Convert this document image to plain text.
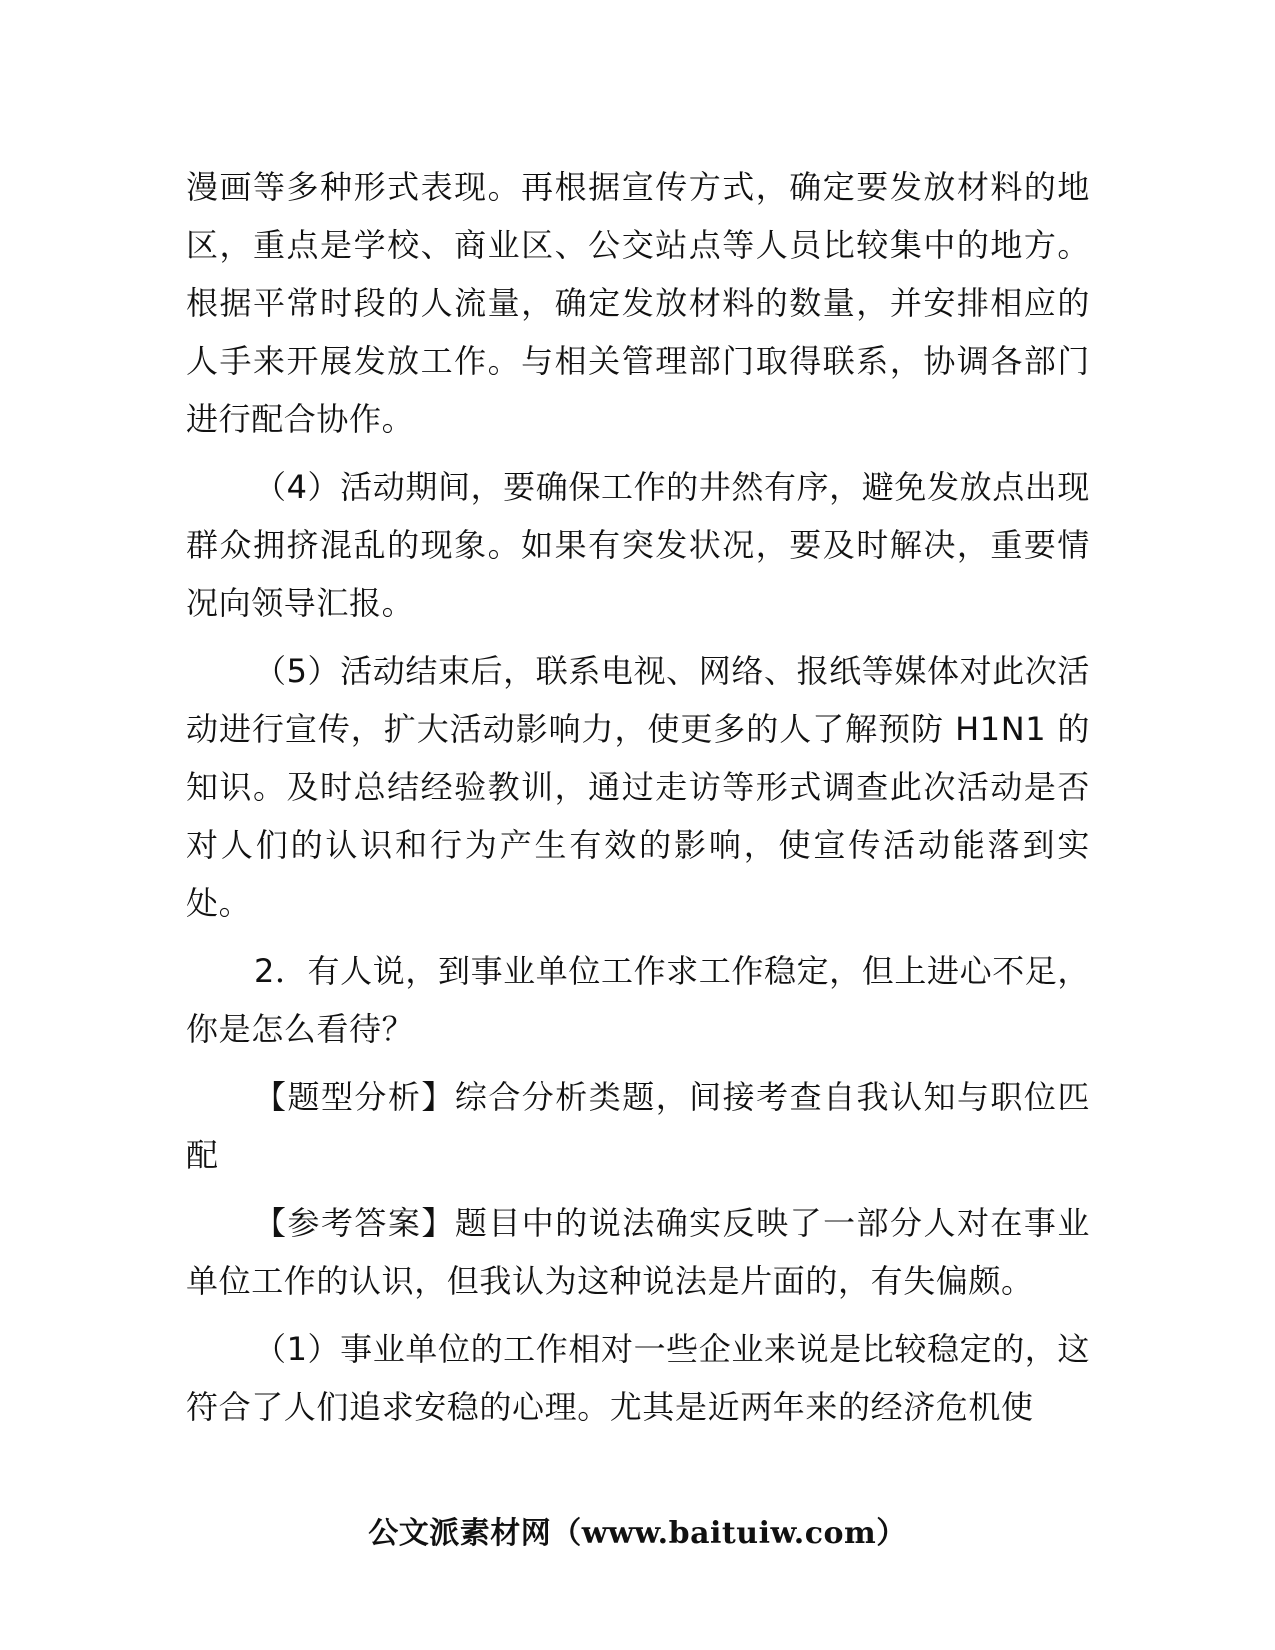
漫画等多种形式表现。再根据宣传方式，确定要发放材料的地区，重点是学校、商业区、公交站点等人员比较集中的地方。根据平常时段的人流量，确定发放材料的数量，并安排相应的人手来开展发放工作。与相关管理部门取得联系，协调各部门进行配合协作。

（4）活动期间，要确保工作的井然有序，避免发放点出现群众拥挤混乱的现象。如果有突发状况，要及时解决，重要情况向领导汇报。

（5）活动结束后，联系电视、网络、报纸等媒体对此次活动进行宣传，扩大活动影响力，使更多的人了解预防 H1N1 的知识。及时总结经验教训，通过走访等形式调查此次活动是否对人们的认识和行为产生有效的影响，使宣传活动能落到实处。

2．有人说，到事业单位工作求工作稳定，但上进心不足，你是怎么看待？

【题型分析】综合分析类题，间接考查自我认知与职位匹配

【参考答案】题目中的说法确实反映了一部分人对在事业单位工作的认识，但我认为这种说法是片面的，有失偏颇。

（1）事业单位的工作相对一些企业来说是比较稳定的，这符合了人们追求安稳的心理。尤其是近两年来的经济危机使

公文派素材网（www.baituiw.com）
